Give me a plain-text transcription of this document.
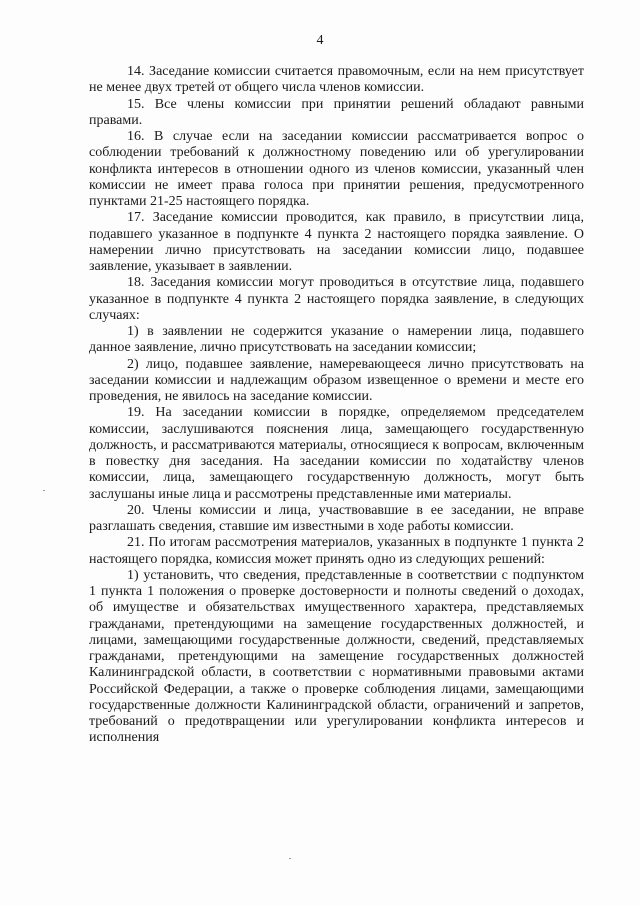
4

14. Заседание комиссии считается правомочным, если на нем присутствует не менее двух третей от общего числа членов комиссии.

15. Все члены комиссии при принятии решений обладают равными правами.

16. В случае если на заседании комиссии рассматривается вопрос о соблюдении требований к должностному поведению или об урегулировании конфликта интересов в отношении одного из членов комиссии, указанный член комиссии не имеет права голоса при принятии решения, предусмотренного пунктами 21-25 настоящего порядка.

17. Заседание комиссии проводится, как правило, в присутствии лица, подавшего указанное в подпункте 4 пункта 2 настоящего порядка заявление. О намерении лично присутствовать на заседании комиссии лицо, подавшее заявление, указывает в заявлении.

18. Заседания комиссии могут проводиться в отсутствие лица, подавшего указанное в подпункте 4 пункта 2 настоящего порядка заявление, в следующих случаях:

1) в заявлении не содержится указание о намерении лица, подавшего данное заявление, лично присутствовать на заседании комиссии;

2) лицо, подавшее заявление, намеревающееся лично присутствовать на заседании комиссии и надлежащим образом извещенное о времени и месте его проведения, не явилось на заседание комиссии.

19. На заседании комиссии в порядке, определяемом председателем комиссии, заслушиваются пояснения лица, замещающего государственную должность, и рассматриваются материалы, относящиеся к вопросам, включенным в повестку дня заседания. На заседании комиссии по ходатайству членов комиссии, лица, замещающего государственную должность, могут быть заслушаны иные лица и рассмотрены представленные ими материалы.

20. Члены комиссии и лица, участвовавшие в ее заседании, не вправе разглашать сведения, ставшие им известными в ходе работы комиссии.

21. По итогам рассмотрения материалов, указанных в подпункте 1 пункта 2 настоящего порядка, комиссия может принять одно из следующих решений:

1) установить, что сведения, представленные в соответствии с подпунктом 1 пункта 1 положения о проверке достоверности и полноты сведений о доходах, об имуществе и обязательствах имущественного характера, представляемых гражданами, претендующими на замещение государственных должностей, и лицами, замещающими государственные должности, сведений, представляемых гражданами, претендующими на замещение государственных должностей Калининградской области, в соответствии с нормативными правовыми актами Российской Федерации, а также о проверке соблюдения лицами, замещающими государственные должности Калининградской области, ограничений и запретов, требований о предотвращении или урегулировании конфликта интересов и исполнения
